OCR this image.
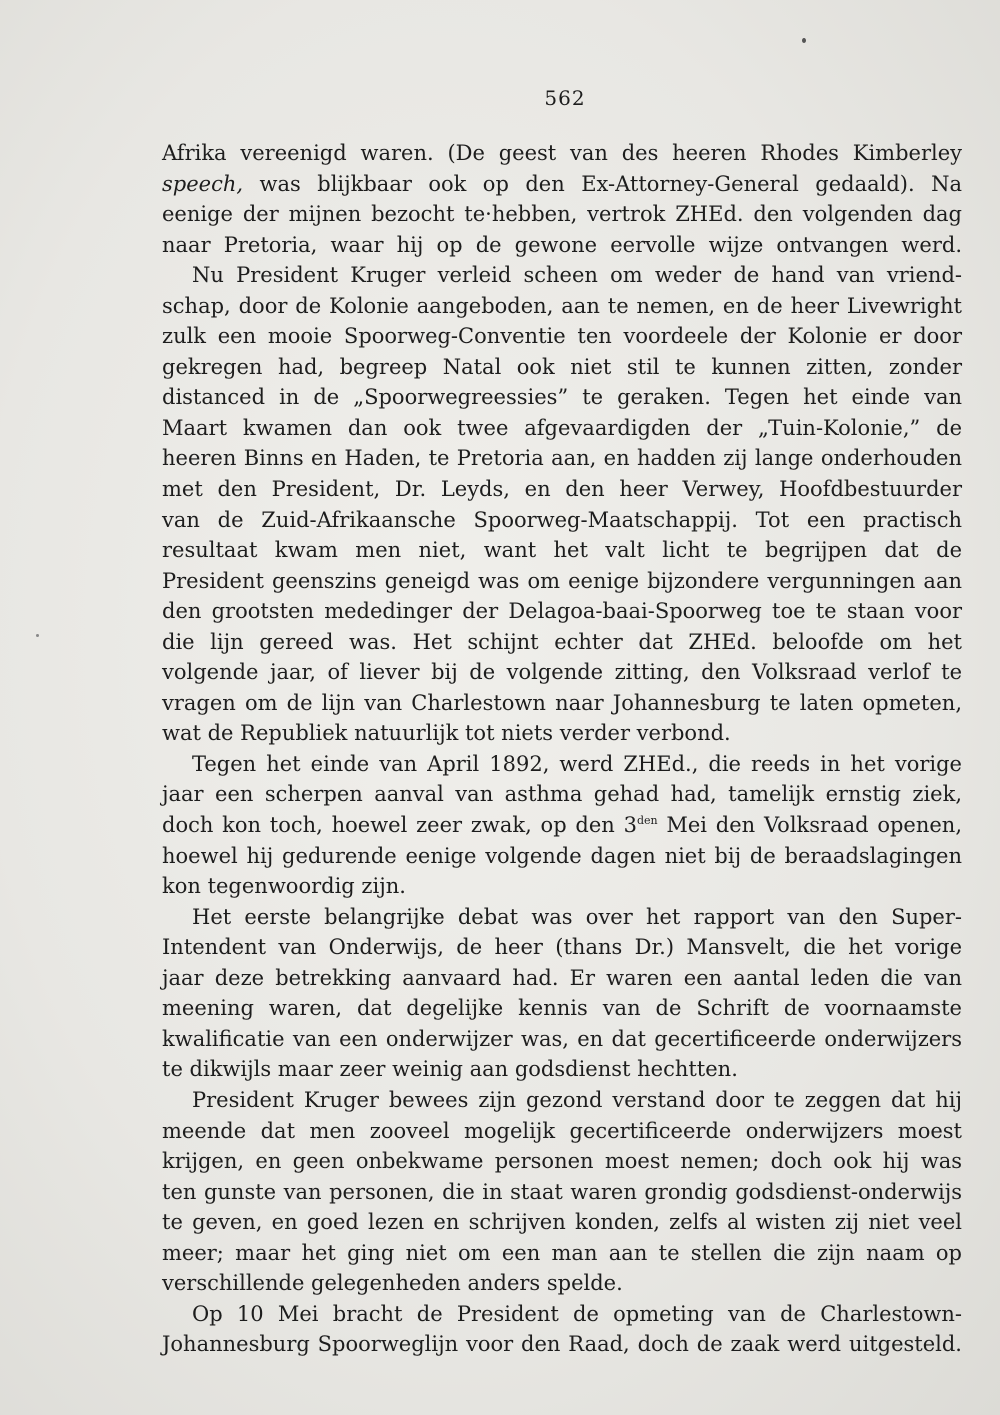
562
Afrika vereenigd waren. (De geest van des heeren Rhodes Kimberley
speech, was blijkbaar ook op den Ex-Attorney-General gedaald). Na
eenige der mijnen bezocht te·hebben, vertrok ZHEd. den volgenden dag
naar Pretoria, waar hij op de gewone eervolle wijze ontvangen werd.
Nu President Kruger verleid scheen om weder de hand van vriend-
schap, door de Kolonie aangeboden, aan te nemen, en de heer Livewright
zulk een mooie Spoorweg-Conventie ten voordeele der Kolonie er door
gekregen had, begreep Natal ook niet stil te kunnen zitten, zonder
distanced in de „Spoorwegreessies” te geraken. Tegen het einde van
Maart kwamen dan ook twee afgevaardigden der „Tuin-Kolonie,” de
heeren Binns en Haden, te Pretoria aan, en hadden zij lange onderhouden
met den President, Dr. Leyds, en den heer Verwey, Hoofdbestuurder
van de Zuid-Afrikaansche Spoorweg-Maatschappij. Tot een practisch
resultaat kwam men niet, want het valt licht te begrijpen dat de
President geenszins geneigd was om eenige bijzondere vergunningen aan
den grootsten mededinger der Delagoa-baai-Spoorweg toe te staan voor
die lijn gereed was. Het schijnt echter dat ZHEd. beloofde om het
volgende jaar, of liever bij de volgende zitting, den Volksraad verlof te
vragen om de lijn van Charlestown naar Johannesburg te laten opmeten,
wat de Republiek natuurlijk tot niets verder verbond.
Tegen het einde van April 1892, werd ZHEd., die reeds in het vorige
jaar een scherpen aanval van asthma gehad had, tamelijk ernstig ziek,
doch kon toch, hoewel zeer zwak, op den $3^{den}$ Mei den Volksraad openen,
hoewel hij gedurende eenige volgende dagen niet bij de beraadslagingen
kon tegenwoordig zijn.
Het eerste belangrijke debat was over het rapport van den Super-
Intendent van Onderwijs, de heer (thans Dr.) Mansvelt, die het vorige
jaar deze betrekking aanvaard had. Er waren een aantal leden die van
meening waren, dat degelijke kennis van de Schrift de voornaamste
kwalificatie van een onderwijzer was, en dat gecertificeerde onderwijzers
te dikwijls maar zeer weinig aan godsdienst hechtten.
President Kruger bewees zijn gezond verstand door te zeggen dat hij
meende dat men zooveel mogelijk gecertificeerde onderwijzers moest
krijgen, en geen onbekwame personen moest nemen; doch ook hij was
ten gunste van personen, die in staat waren grondig godsdienst-onderwijs
te geven, en goed lezen en schrijven konden, zelfs al wisten zij niet veel
meer; maar het ging niet om een man aan te stellen die zijn naam op
verschillende gelegenheden anders spelde.
Op 10 Mei bracht de President de opmeting van de Charlestown-
Johannesburg Spoorweglijn voor den Raad, doch de zaak werd uitgesteld.
